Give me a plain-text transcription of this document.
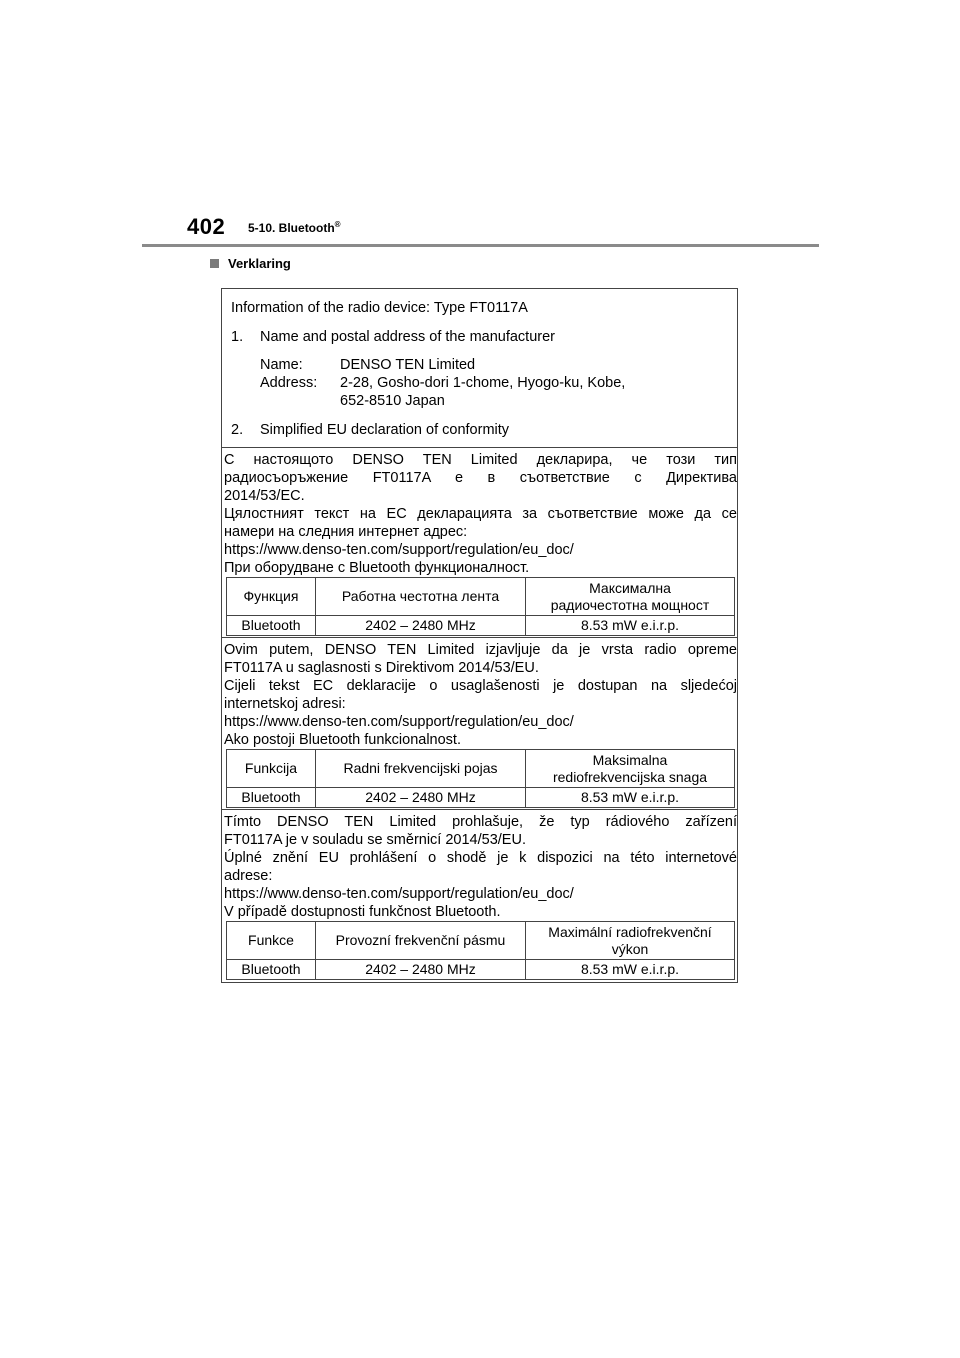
402 5-10. Bluetooth®
Verklaring
Information of the radio device: Type FT0117A
1. Name and postal address of the manufacturer
Name:	DENSO TEN Limited
Address: 2-28, Gosho-dori 1-chome, Hyogo-ku, Kobe,
652-8510 Japan
2. Simplified EU declaration of conformity

С настоящото DENSO TEN Limited декларира, че този тип

радиосъоръжение FT0117A е в съответствие с Директива

2014/53/ЕС.

Цялостният текст на ЕС декларацията за съответствие може да се

намери на следния интернет адрес:

https://www.denso-ten.com/support/regulation/eu_doc/

При оборудване с Bluetooth функционалност.

Функция	Работна честотна лента	Максимална
радиочестотна мощност

Bluetooth	2402 – 2480 MHz	8.53 mW e.i.r.p.

Ovim putem, DENSO TEN Limited izjavljuje da je vrsta radio opreme

FT0117A u saglasnosti s Direktivom 2014/53/EU.

Cijeli tekst EC deklaracije o usaglašenosti je dostupan na sljedećoj

internetskoj adresi:

https://www.denso-ten.com/support/regulation/eu_doc/

Ako postoji Bluetooth funkcionalnost.

Funkcija	Radni frekvencijski pojas	Maksimalna
rediofrekvencijska snaga

Bluetooth	2402 – 2480 MHz	8.53 mW e.i.r.p.

Tímto DENSO TEN Limited prohlašuje, že typ rádiového zařízení

FT0117A je v souladu se směrnicí 2014/53/EU.

Úplné znění EU prohlášení o shodě je k dispozici na této internetové

adrese:

https://www.denso-ten.com/support/regulation/eu_doc/

V případě dostupnosti funkčnost Bluetooth.

Funkce	Provozní frekvenční pásmu	Maximální radiofrekvenční
výkon

Bluetooth	2402 – 2480 MHz	8.53 mW e.i.r.p.
